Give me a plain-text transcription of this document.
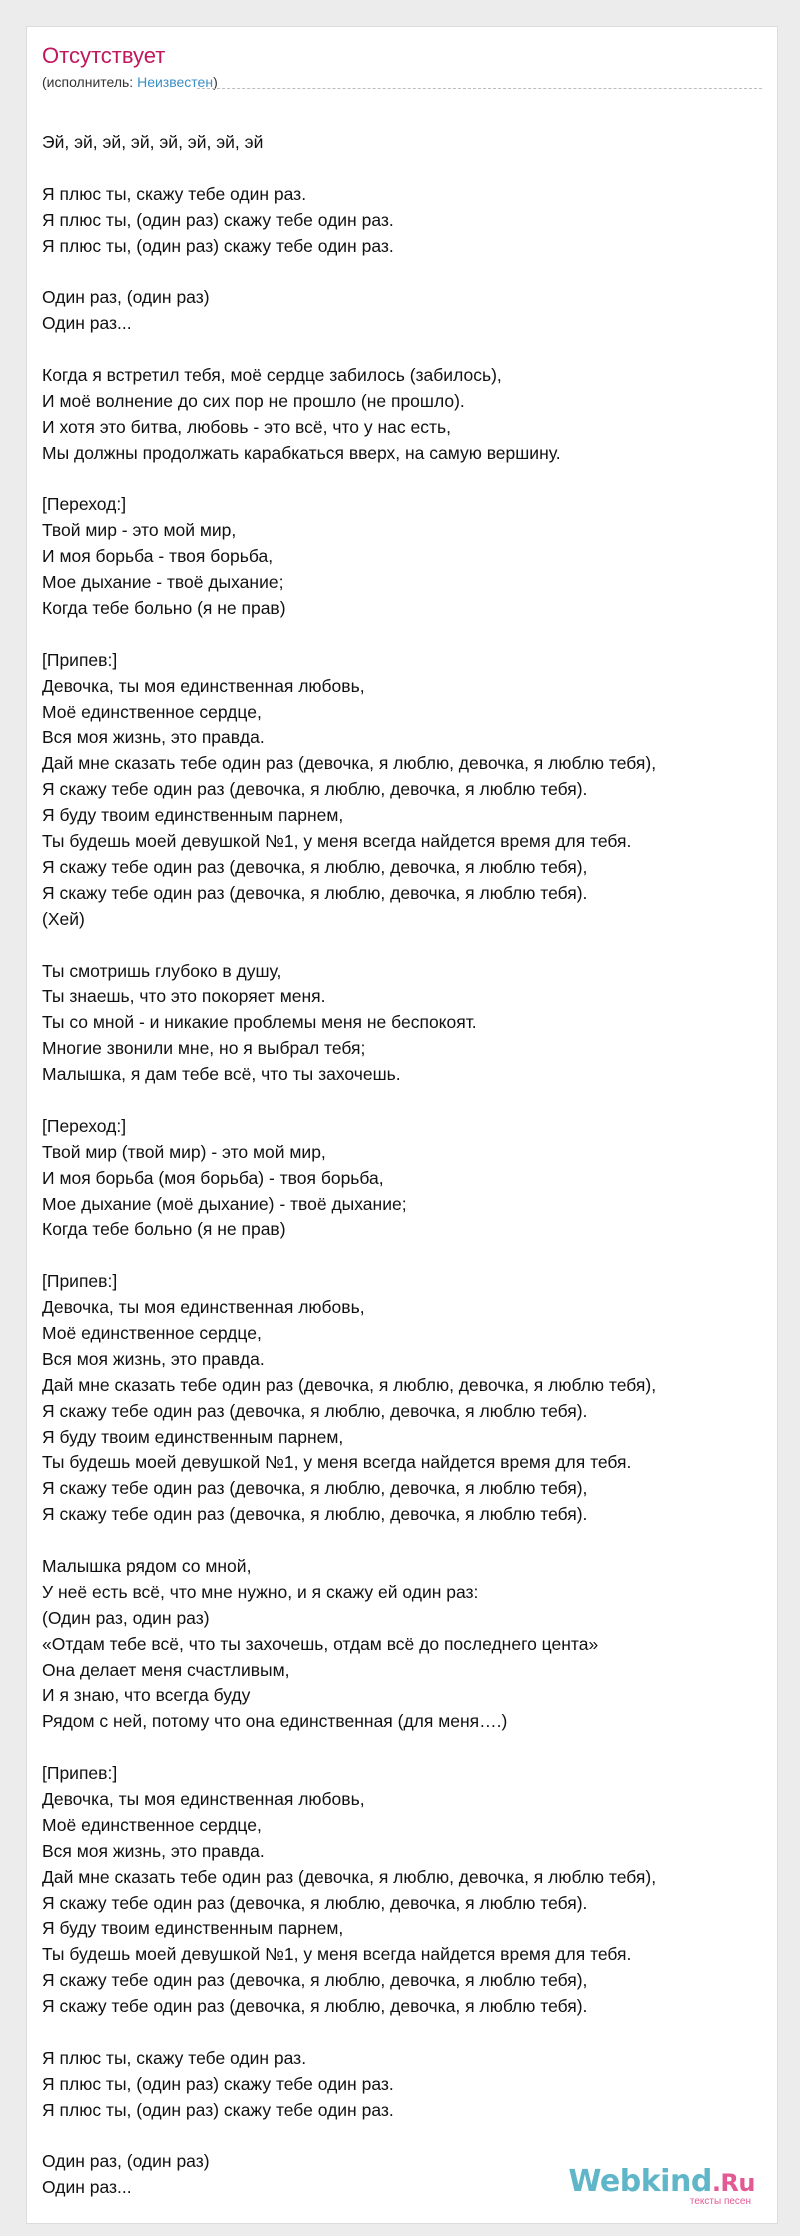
Отсутствует
(исполнитель: Неизвестен)
Эй, эй, эй, эй, эй, эй, эй, эй
Я плюс ты, скажу тебе один раз.
Я плюс ты, (один раз) скажу тебе один раз.
Я плюс ты, (один раз) скажу тебе один раз.
Один раз, (один раз)
Один раз...
Когда я встретил тебя, моё сердце забилось (забилось),
И моё волнение до сих пор не прошло (не прошло).
И хотя это битва, любовь - это всё, что у нас есть,
Мы должны продолжать карабкаться вверх, на самую вершину.
[Переход:]
Твой мир - это мой мир,
И моя борьба - твоя борьба,
Мое дыхание - твоё дыхание;
Когда тебе больно (я не прав)
[Припев:]
Девочка, ты моя единственная любовь,
Моё единственное сердце,
Вся моя жизнь, это правда.
Дай мне сказать тебе один раз (девочка, я люблю, девочка, я люблю тебя),
Я скажу тебе один раз (девочка, я люблю, девочка, я люблю тебя).
Я буду твоим единственным парнем,
Ты будешь моей девушкой №1, у меня всегда найдется время для тебя.
Я скажу тебе один раз (девочка, я люблю, девочка, я люблю тебя),
Я скажу тебе один раз (девочка, я люблю, девочка, я люблю тебя).
(Хей)
Ты смотришь глубоко в душу,
Ты знаешь, что это покоряет меня.
Ты со мной - и никакие проблемы меня не беспокоят.
Многие звонили мне, но я выбрал тебя;
Малышка, я дам тебе всё, что ты захочешь.
[Переход:]
Твой мир (твой мир) - это мой мир,
И моя борьба (моя борьба) - твоя борьба,
Мое дыхание (моё дыхание) - твоё дыхание;
Когда тебе больно (я не прав)
[Припев:]
Девочка, ты моя единственная любовь,
Моё единственное сердце,
Вся моя жизнь, это правда.
Дай мне сказать тебе один раз (девочка, я люблю, девочка, я люблю тебя),
Я скажу тебе один раз (девочка, я люблю, девочка, я люблю тебя).
Я буду твоим единственным парнем,
Ты будешь моей девушкой №1, у меня всегда найдется время для тебя.
Я скажу тебе один раз (девочка, я люблю, девочка, я люблю тебя),
Я скажу тебе один раз (девочка, я люблю, девочка, я люблю тебя).
Малышка рядом со мной,
У неё есть всё, что мне нужно, и я скажу ей один раз:
(Один раз, один раз)
«Отдам тебе всё, что ты захочешь, отдам всё до последнего цента»
Она делает меня счастливым,
И я знаю, что всегда буду
Рядом с ней, потому что она единственная (для меня….)
[Припев:]
Девочка, ты моя единственная любовь,
Моё единственное сердце,
Вся моя жизнь, это правда.
Дай мне сказать тебе один раз (девочка, я люблю, девочка, я люблю тебя),
Я скажу тебе один раз (девочка, я люблю, девочка, я люблю тебя).
Я буду твоим единственным парнем,
Ты будешь моей девушкой №1, у меня всегда найдется время для тебя.
Я скажу тебе один раз (девочка, я люблю, девочка, я люблю тебя),
Я скажу тебе один раз (девочка, я люблю, девочка, я люблю тебя).
Я плюс ты, скажу тебе один раз.
Я плюс ты, (один раз) скажу тебе один раз.
Я плюс ты, (один раз) скажу тебе один раз.
Один раз, (один раз)
Один раз...	Webkind.Ru
тексты песен
